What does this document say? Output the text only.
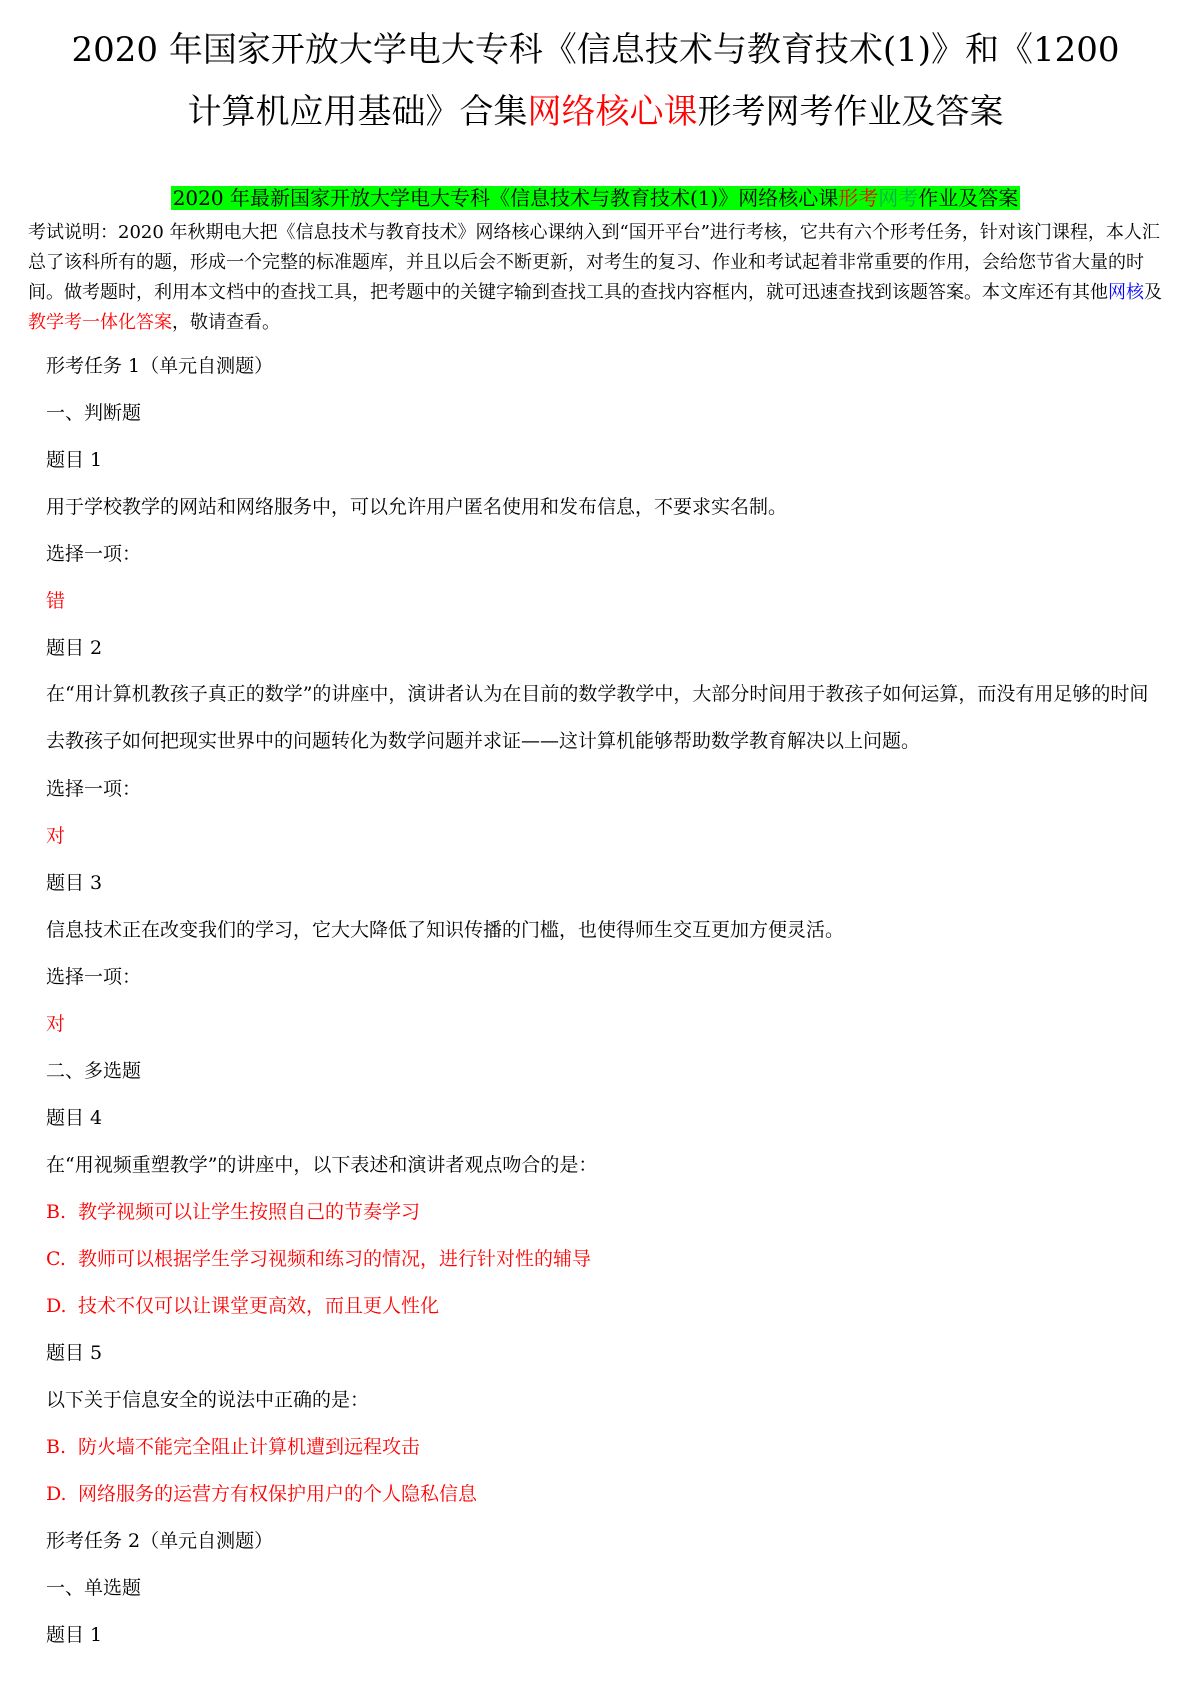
2020 年国家开放大学电大专科《信息技术与教育技术(1)》和《1200
计算机应用基础》合集网络核心课形考网考作业及答案
2020 年最新国家开放大学电大专科《信息技术与教育技术(1)》网络核心课形考网考作业及答案
考试说明：2020 年秋期电大把《信息技术与教育技术》网络核心课纳入到“国开平台”进行考核，它共有六个形考任务，针对该门课程，本人汇总了该科所有的题，形成一个完整的标准题库，并且以后会不断更新，对考生的复习、作业和考试起着非常重要的作用，会给您节省大量的时间。做考题时，利用本文档中的查找工具，把考题中的关键字输到查找工具的查找内容框内，就可迅速查找到该题答案。本文库还有其他网核及教学考一体化答案，敬请查看。
形考任务 1（单元自测题）
一、判断题
题目 1
用于学校教学的网站和网络服务中，可以允许用户匿名使用和发布信息，不要求实名制。
选择一项：
错
题目 2
在“用计算机教孩子真正的数学”的讲座中，演讲者认为在目前的数学教学中，大部分时间用于教孩子如何运算，而没有用足够的时间去教孩子如何把现实世界中的问题转化为数学问题并求证——这计算机能够帮助数学教育解决以上问题。
选择一项：
对
题目 3
信息技术正在改变我们的学习，它大大降低了知识传播的门槛，也使得师生交互更加方便灵活。
选择一项：
对
二、多选题
题目 4
在“用视频重塑教学”的讲座中，以下表述和演讲者观点吻合的是：
B. 教学视频可以让学生按照自己的节奏学习
C. 教师可以根据学生学习视频和练习的情况，进行针对性的辅导
D. 技术不仅可以让课堂更高效，而且更人性化
题目 5
以下关于信息安全的说法中正确的是：
B. 防火墙不能完全阻止计算机遭到远程攻击
D. 网络服务的运营方有权保护用户的个人隐私信息
形考任务 2（单元自测题）
一、单选题
题目 1
